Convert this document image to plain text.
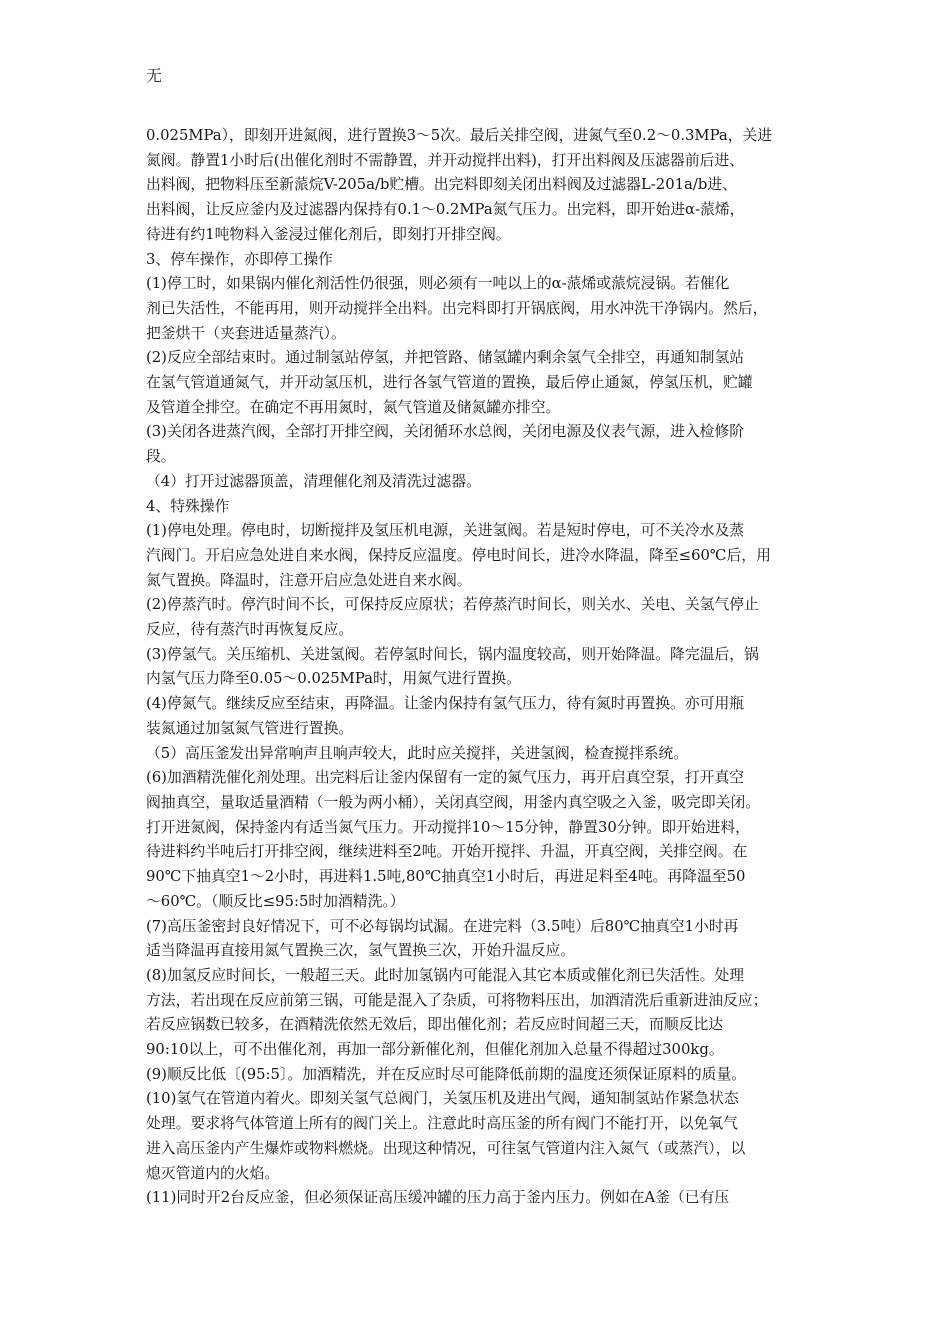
无

0.025MPa），即刻开进氮阀，进行置换3～5次。最后关排空阀，进氮气至0.2～0.3MPa，关进

氮阀。静置1小时后(出催化剂时不需静置，并开动搅拌出料)，打开出料阀及压滤器前后进、

出料阀，把物料压至新蒎烷V-205a/b贮槽。出完料即刻关闭出料阀及过滤器L-201a/b进、

出料阀，让反应釜内及过滤器内保持有0.1～0.2MPa氮气压力。出完料，即开始进α-蒎烯，

待进有约1吨物料入釜浸过催化剂后，即刻打开排空阀。

3、停车操作，亦即停工操作

(1)停工时，如果锅内催化剂活性仍很强，则必须有一吨以上的α-蒎烯或蒎烷浸锅。若催化

剂已失活性，不能再用，则开动搅拌全出料。出完料即打开锅底阀，用水冲洗干净锅内。然后，

把釜烘干（夹套进适量蒸汽）。

(2)反应全部结束时。通过制氢站停氢，并把管路、储氢罐内剩余氢气全排空，再通知制氢站

在氢气管道通氮气，并开动氢压机，进行各氢气管道的置换，最后停止通氮，停氢压机，贮罐

及管道全排空。在确定不再用氮时，氮气管道及储氮罐亦排空。

(3)关闭各进蒸汽阀，全部打开排空阀，关闭循环水总阀，关闭电源及仪表气源，进入检修阶

段。

（4）打开过滤器顶盖，清理催化剂及清洗过滤器。

4、特殊操作

(1)停电处理。停电时，切断搅拌及氢压机电源，关进氢阀。若是短时停电，可不关冷水及蒸

汽阀门。开启应急处进自来水阀，保持反应温度。停电时间长，进冷水降温，降至≤60℃后，用

氮气置换。降温时，注意开启应急处进自来水阀。

(2)停蒸汽时。停汽时间不长，可保持反应原状；若停蒸汽时间长，则关水、关电、关氢气停止

反应，待有蒸汽时再恢复反应。

(3)停氢气。关压缩机、关进氢阀。若停氢时间长，锅内温度较高，则开始降温。降完温后，锅

内氢气压力降至0.05～0.025MPa时，用氮气进行置换。

(4)停氮气。继续反应至结束，再降温。让釜内保持有氢气压力，待有氮时再置换。亦可用瓶

装氮通过加氢氮气管进行置换。

（5）高压釜发出异常响声且响声较大，此时应关搅拌，关进氢阀，检查搅拌系统。

(6)加酒精洗催化剂处理。出完料后让釜内保留有一定的氮气压力，再开启真空泵，打开真空

阀抽真空，量取适量酒精（一般为两小桶），关闭真空阀，用釜内真空吸之入釜，吸完即关闭。

打开进氮阀，保持釜内有适当氮气压力。开动搅拌10～15分钟，静置30分钟。即开始进料，

待进料约半吨后打开排空阀，继续进料至2吨。开始开搅拌、升温，开真空阀，关排空阀。在

90℃下抽真空1～2小时，再进料1.5吨,80℃抽真空1小时后，再进足料至4吨。再降温至50

～60℃。（顺反比≤95:5时加酒精洗。）

(7)高压釜密封良好情况下，可不必每锅均试漏。在进完料（3.5吨）后80℃抽真空1小时再

适当降温再直接用氮气置换三次，氢气置换三次，开始升温反应。

(8)加氢反应时间长，一般超三天。此时加氢锅内可能混入其它本质或催化剂已失活性。处理

方法，若出现在反应前第三锅，可能是混入了杂质，可将物料压出，加酒清洗后重新进油反应；

若反应锅数已较多，在酒精洗依然无效后，即出催化剂；若反应时间超三天，而顺反比达

90:10以上，可不出催化剂，再加一部分新催化剂，但催化剂加入总量不得超过300kg。

(9)顺反比低〔(95:5〕。加酒精洗，并在反应时尽可能降低前期的温度还须保证原料的质量。

(10)氢气在管道内着火。即刻关氢气总阀门，关氢压机及进出气阀，通知制氢站作紧急状态

处理。要求将气体管道上所有的阀门关上。注意此时高压釜的所有阀门不能打开，以免氧气

进入高压釜内产生爆炸或物料燃烧。出现这种情况，可往氢气管道内注入氮气（或蒸汽），以

熄灭管道内的火焰。

(11)同时开2台反应釜，但必须保证高压缓冲罐的压力高于釜内压力。例如在A釜（已有压
